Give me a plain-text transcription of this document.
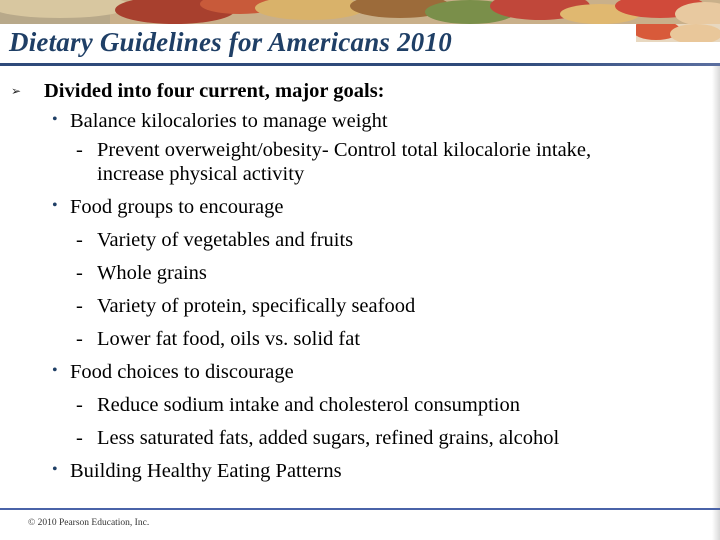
Dietary Guidelines for Americans 2010
➢ Divided into four current, major goals:
• Balance kilocalories to manage weight
- Prevent overweight/obesity- Control total kilocalorie intake,
increase physical activity
• Food groups to encourage
- Variety of vegetables and fruits
- Whole grains
- Variety of protein, specifically seafood
- Lower fat food, oils vs. solid fat
• Food choices to discourage
- Reduce sodium intake and cholesterol consumption
- Less saturated fats, added sugars, refined grains, alcohol
• Building Healthy Eating Patterns
© 2010 Pearson Education, Inc.
